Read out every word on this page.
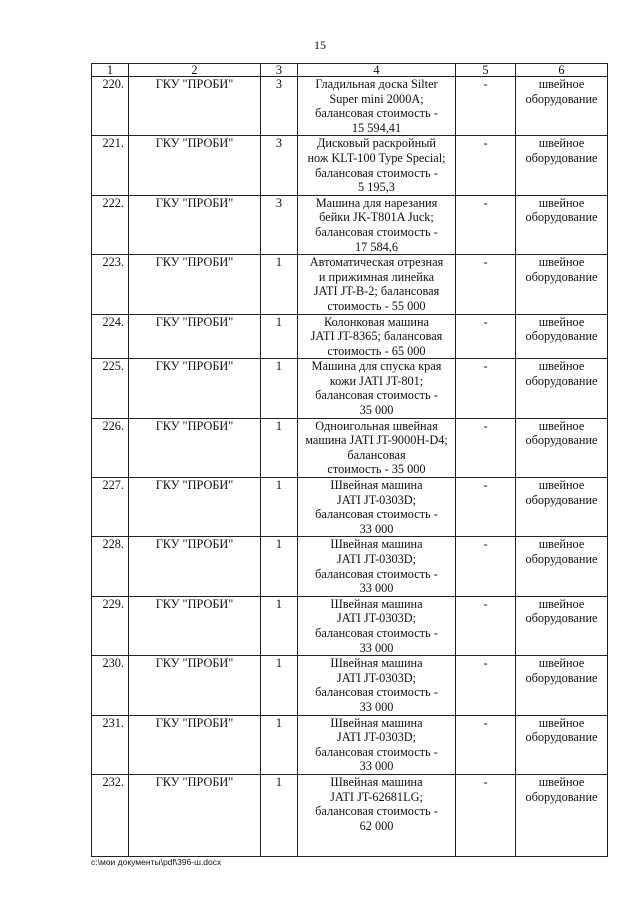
15
1	2	3	4	5	6
220.	ГКУ "ПРОБИ"	3	Гладильная доска Silter
Super mini 2000A;
балансовая стоимость -
15 594,41	-	швейное
оборудование
221.	ГКУ "ПРОБИ"	3	Дисковый раскройный
нож KLT-100 Type Special;
балансовая стоимость -
5 195,3	-	швейное
оборудование
222.	ГКУ "ПРОБИ"	3	Машина для нарезания
бейки JK-T801A Juck;
балансовая стоимость -
17 584,6	-	швейное
оборудование
223.	ГКУ "ПРОБИ"	1	Автоматическая отрезная
и прижимная линейка
JATI JT-B-2; балансовая
стоимость - 55 000	-	швейное
оборудование
224.	ГКУ "ПРОБИ"	1	Колонковая машина
JATI JT-8365; балансовая
стоимость - 65 000	-	швейное
оборудование
225.	ГКУ "ПРОБИ"	1	Машина для спуска края
кожи JATI JT-801;
балансовая стоимость -
35 000	-	швейное
оборудование
226.	ГКУ "ПРОБИ"	1	Одноигольная швейная
машина JATI JT-9000H-D4;
балансовая
стоимость - 35 000	-	швейное
оборудование
227.	ГКУ "ПРОБИ"	1	Швейная машина
JATI JT-0303D;
балансовая стоимость -
33 000	-	швейное
оборудование
228.	ГКУ "ПРОБИ"	1	Швейная машина
JATI JT-0303D;
балансовая стоимость -
33 000	-	швейное
оборудование
229.	ГКУ "ПРОБИ"	1	Швейная машина
JATI JT-0303D;
балансовая стоимость -
33 000	-	швейное
оборудование
230.	ГКУ "ПРОБИ"	1	Швейная машина
JATI JT-0303D;
балансовая стоимость -
33 000	-	швейное
оборудование
231.	ГКУ "ПРОБИ"	1	Швейная машина
JATI JT-0303D;
балансовая стоимость -
33 000	-	швейное
оборудование
232.	ГКУ "ПРОБИ"	1	Швейная машина
JATI JT-62681LG;
балансовая стоимость -
62 000	-	швейное
оборудование
c:\мои документы\pdf\396-ш.docx
